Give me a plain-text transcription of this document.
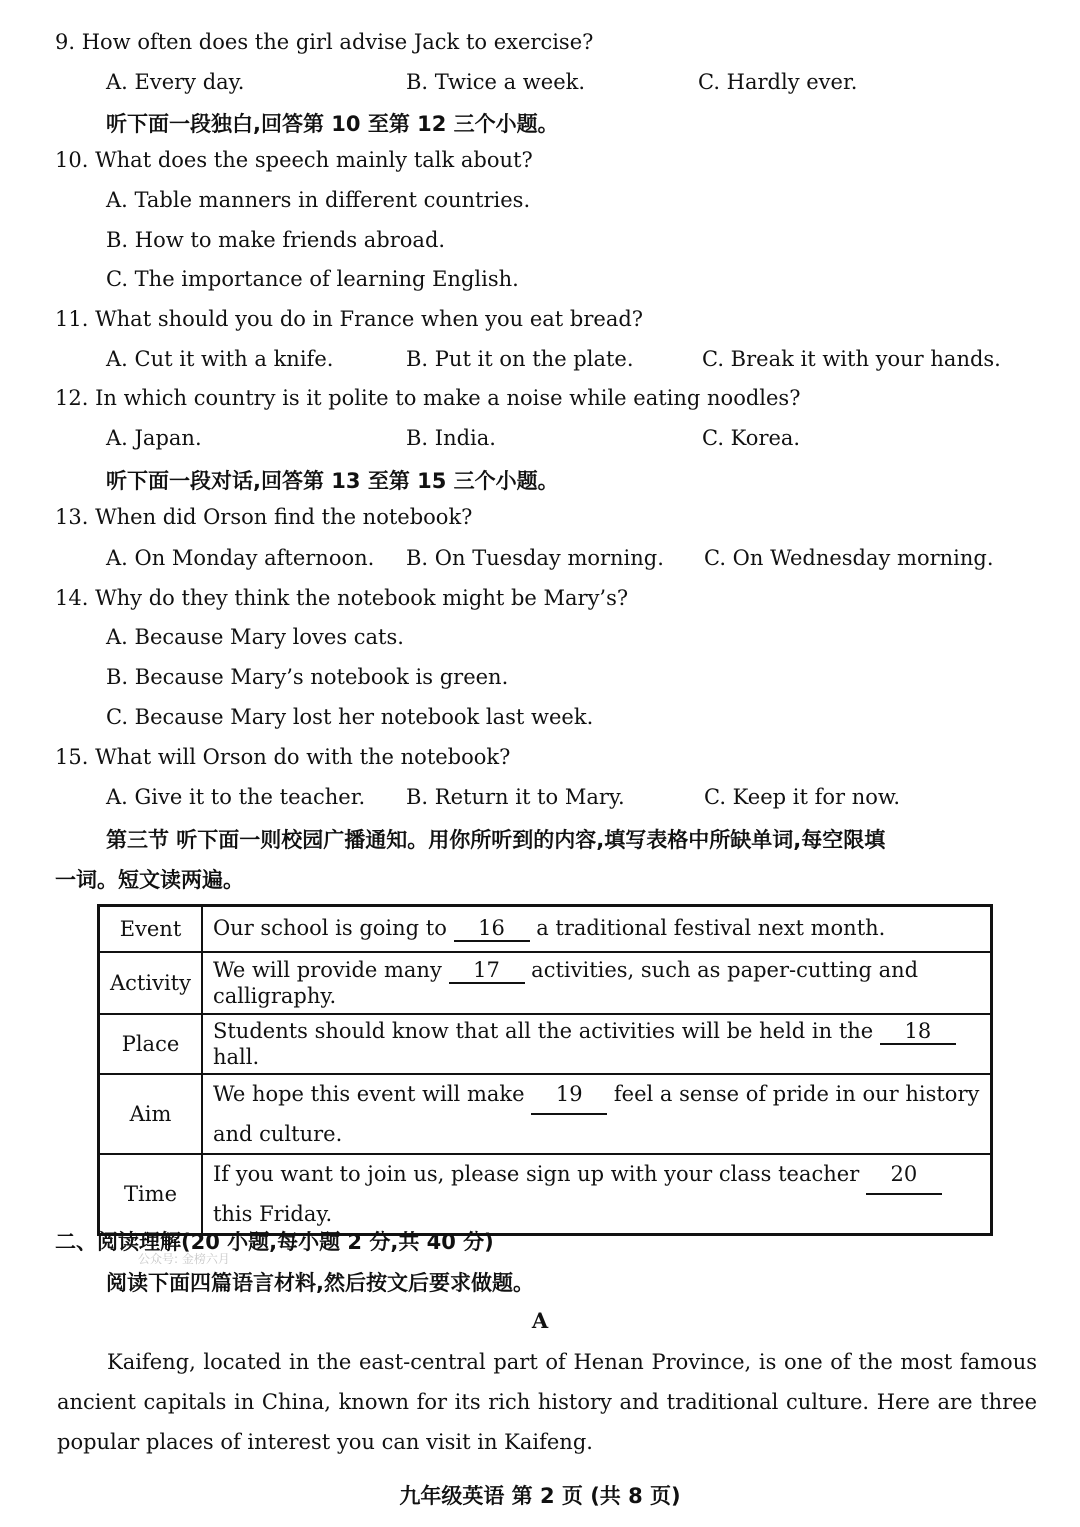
9. How often does the girl advise Jack to exercise?
A. Every day.	B. Twice a week.	C. Hardly ever.
听下面一段独白,回答第 10 至第 12 三个小题。
10. What does the speech mainly talk about?
A. Table manners in different countries.
B. How to make friends abroad.
C. The importance of learning English.
11. What should you do in France when you eat bread?
A. Cut it with a knife.	B. Put it on the plate.	C. Break it with your hands.
12. In which country is it polite to make a noise while eating noodles?
A. Japan.	B. India.	C. Korea.
听下面一段对话,回答第 13 至第 15 三个小题。
13. When did Orson find the notebook?
A. On Monday afternoon. B. On Tuesday morning. C. On Wednesday morning.
14. Why do they think the notebook might be Mary’s?
A. Because Mary loves cats.
B. Because Mary’s notebook is green.
C. Because Mary lost her notebook last week.
15. What will Orson do with the notebook?
A. Give it to the teacher. B. Return it to Mary.	C. Keep it for now.
第三节 听下面一则校园广播通知。用你所听到的内容,填写表格中所缺单词,每空限填
一词。短文读两遍。
Event	Our school is going to 16 a traditional festival next month.
Activity	We will provide many 17 activities, such as paper-cutting and calligraphy.
Place	Students should know that all the activities will be held in the 18 hall.
Aim	We hope this event will make 19 feel a sense of pride in our history and culture.
Time	If you want to join us, please sign up with your class teacher 20 this Friday.
二、阅读理解(20 小题,每小题 2 分,共 40 分)
公众号: 金榜六月
阅读下面四篇语言材料,然后按文后要求做题。
A
Kaifeng, located in the east-central part of Henan Province, is one of the most famous ancient capitals in China, known for its rich history and traditional culture. Here are three popular places of interest you can visit in Kaifeng.
九年级英语 第 2 页 (共 8 页)
